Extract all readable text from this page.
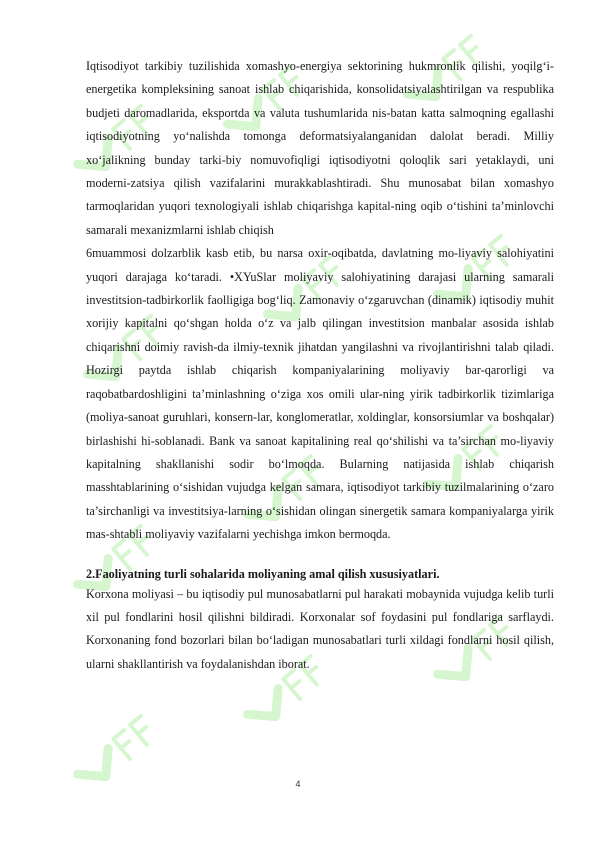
Iqtisodiyot tarkibiy tuzilishida xomashyo-energiya sektorining hukmronlik qilishi, yoqilg‘i-energetika kompleksining sanoat ishlab chiqarishida, konsolidatsiyalashtirilgan va respublika budjeti daromadlarida, eksportda va valuta tushumlarida nis-batan katta salmoqning egallashi iqtisodiyotning yo‘nalishda tomonga deformatsiyalanganidan dalolat beradi. Milliy xo‘jalikning bunday tarki-biy nomuvofiqligi iqtisodiyotni qoloqlik sari yetaklaydi, uni moderni-zatsiya qilish vazifalarini murakkablashtiradi. Shu munosabat bilan xomashyo tarmoqlaridan yuqori texnologiyali ishlab chiqarishga kapital-ning oqib o‘tishini ta’minlovchi samarali mexanizmlarni ishlab chiqish

6muammosi dolzarblik kasb etib, bu narsa oxir-oqibatda, davlatning mo-liyaviy salohiyatini yuqori darajaga ko‘taradi. •XYuSlar moliyaviy salohiyatining darajasi ularning samarali investitsion-tadbirkorlik faolligiga bog‘liq. Zamonaviy o‘zgaruvchan (dinamik) iqtisodiy muhit xorijiy kapitalni qo‘shgan holda o‘z va jalb qilingan investitsion manbalar asosida ishlab chiqarishni doimiy ravish-da ilmiy-texnik jihatdan yangilashni va rivojlantirishni talab qiladi. Hozirgi paytda ishlab chiqarish kompaniyalarining moliyaviy bar-qarorligi va raqobatbardoshligini ta’minlashning o‘ziga xos omili ular-ning yirik tadbirkorlik tizimlariga (moliya-sanoat guruhlari, konsern-lar, konglomeratlar, xoldinglar, konsorsiumlar va boshqalar) birlashishi hi-soblanadi. Bank va sanoat kapitalining real qo‘shilishi va ta’sirchan mo-liyaviy kapitalning shakllanishi sodir bo‘lmoqda. Bularning natijasida ishlab chiqarish masshtablarining o‘sishidan vujudga kelgan samara, iqtisodiyot tarkibiy tuzilmalarining o‘zaro ta’sirchanligi va investitsiya-larning o‘sishidan olingan sinergetik samara kompaniyalarga yirik mas-shtabli moliyaviy vazifalarni yechishga imkon bermoqda.

2.Faoliyatning turli sohalarida moliyaning amal qilish xususiyatlari.

Korxona moliyasi – bu iqtisodiy pul munosabatlarni pul harakati mobaynida vujudga kelib turli xil pul fondlarini hosil qilishni bildiradi. Korxonalar sof foydasini pul fondlariga sarflaydi. Korxonaning fond bozorlari bilan bo‘ladigan munosabatlari turli xildagi fondlarni hosil qilish, ularni shakllantirish va foydalanishdan iborat.

4
